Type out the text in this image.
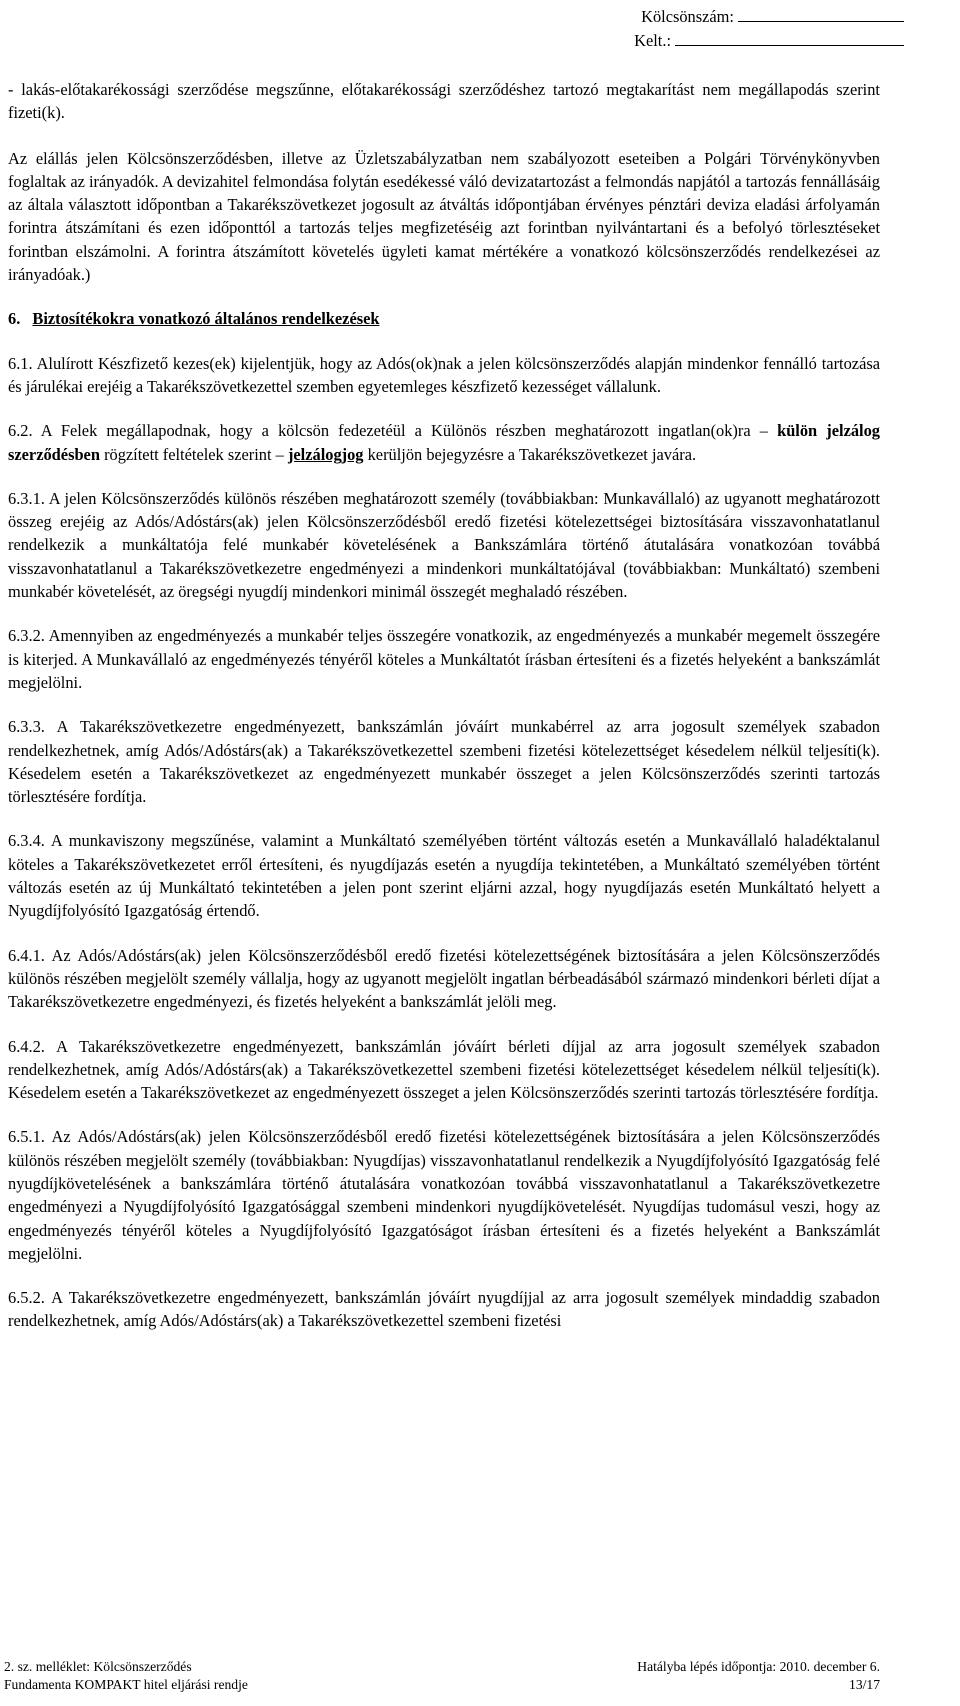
Kölcsönszám:
Kelt.:

- lakás-előtakarékossági szerződése megszűnne, előtakarékossági szerződéshez tartozó megtakarítást nem megállapodás szerint fizeti(k).

Az elállás jelen Kölcsönszerződésben, illetve az Üzletszabályzatban nem szabályozott eseteiben a Polgári Törvénykönyvben foglaltak az irányadók. A devizahitel felmondása folytán esedékessé váló devizatartozást a felmondás napjától a tartozás fennállásáig az általa választott időpontban a Takarékszövetkezet jogosult az átváltás időpontjában érvényes pénztári deviza eladási árfolyamán forintra átszámítani és ezen időponttól a tartozás teljes megfizetéséig azt forintban nyilvántartani és a befolyó törlesztéseket forintban elszámolni. A forintra átszámított követelés ügyleti kamat mértékére a vonatkozó kölcsönszerződés rendelkezései az irányadóak.)

6. Biztosítékokra vonatkozó általános rendelkezések

6.1. Alulírott Készfizető kezes(ek) kijelentjük, hogy az Adós(ok)nak a jelen kölcsönszerződés alapján mindenkor fennálló tartozása és járulékai erejéig a Takarékszövetkezettel szemben egyetemleges készfizető kezességet vállalunk.

6.2. A Felek megállapodnak, hogy a kölcsön fedezetéül a Különös részben meghatározott ingatlan(ok)ra – külön jelzálog szerződésben rögzített feltételek szerint – jelzálogjog kerüljön bejegyzésre a Takarékszövetkezet javára.

6.3.1. A jelen Kölcsönszerződés különös részében meghatározott személy (továbbiakban: Munkavállaló) az ugyanott meghatározott összeg erejéig az Adós/Adóstárs(ak) jelen Kölcsönszerződésből eredő fizetési kötelezettségei biztosítására visszavonhatatlanul rendelkezik a munkáltatója felé munkabér követelésének a Bankszámlára történő átutalására vonatkozóan továbbá visszavonhatatlanul a Takarékszövetkezetre engedményezi a mindenkori munkáltatójával (továbbiakban: Munkáltató) szembeni munkabér követelését, az öregségi nyugdíj mindenkori minimál összegét meghaladó részében.

6.3.2. Amennyiben az engedményezés a munkabér teljes összegére vonatkozik, az engedményezés a munkabér megemelt összegére is kiterjed. A Munkavállaló az engedményezés tényéről köteles a Munkáltatót írásban értesíteni és a fizetés helyeként a bankszámlát megjelölni.

6.3.3. A Takarékszövetkezetre engedményezett, bankszámlán jóváírt munkabérrel az arra jogosult személyek szabadon rendelkezhetnek, amíg Adós/Adóstárs(ak) a Takarékszövetkezettel szembeni fizetési kötelezettséget késedelem nélkül teljesíti(k). Késedelem esetén a Takarékszövetkezet az engedményezett munkabér összeget a jelen Kölcsönszerződés szerinti tartozás törlesztésére fordítja.

6.3.4. A munkaviszony megszűnése, valamint a Munkáltató személyében történt változás esetén a Munkavállaló haladéktalanul köteles a Takarékszövetkezetet erről értesíteni, és nyugdíjazás esetén a nyugdíja tekintetében, a Munkáltató személyében történt változás esetén az új Munkáltató tekintetében a jelen pont szerint eljárni azzal, hogy nyugdíjazás esetén Munkáltató helyett a Nyugdíjfolyósító Igazgatóság értendő.

6.4.1. Az Adós/Adóstárs(ak) jelen Kölcsönszerződésből eredő fizetési kötelezettségének biztosítására a jelen Kölcsönszerződés különös részében megjelölt személy vállalja, hogy az ugyanott megjelölt ingatlan bérbeadásából származó mindenkori bérleti díjat a Takarékszövetkezetre engedményezi, és fizetés helyeként a bankszámlát jelöli meg.

6.4.2. A Takarékszövetkezetre engedményezett, bankszámlán jóváírt bérleti díjjal az arra jogosult személyek szabadon rendelkezhetnek, amíg Adós/Adóstárs(ak) a Takarékszövetkezettel szembeni fizetési kötelezettséget késedelem nélkül teljesíti(k). Késedelem esetén a Takarékszövetkezet az engedményezett összeget a jelen Kölcsönszerződés szerinti tartozás törlesztésére fordítja.

6.5.1. Az Adós/Adóstárs(ak) jelen Kölcsönszerződésből eredő fizetési kötelezettségének biztosítására a jelen Kölcsönszerződés különös részében megjelölt személy (továbbiakban: Nyugdíjas) visszavonhatatlanul rendelkezik a Nyugdíjfolyósító Igazgatóság felé nyugdíjkövetelésének a bankszámlára történő átutalására vonatkozóan továbbá visszavonhatatlanul a Takarékszövetkezetre engedményezi a Nyugdíjfolyósító Igazgatósággal szembeni mindenkori nyugdíjkövetelését. Nyugdíjas tudomásul veszi, hogy az engedményezés tényéről köteles a Nyugdíjfolyósító Igazgatóságot írásban értesíteni és a fizetés helyeként a Bankszámlát megjelölni.

6.5.2. A Takarékszövetkezetre engedményezett, bankszámlán jóváírt nyugdíjjal az arra jogosult személyek mindaddig szabadon rendelkezhetnek, amíg Adós/Adóstárs(ak) a Takarékszövetkezettel szembeni fizetési

2. sz. melléklet: Kölcsönszerződés	Hatályba lépés időpontja: 2010. december 6.
Fundamenta KOMPAKT hitel eljárási rendje	13/17
